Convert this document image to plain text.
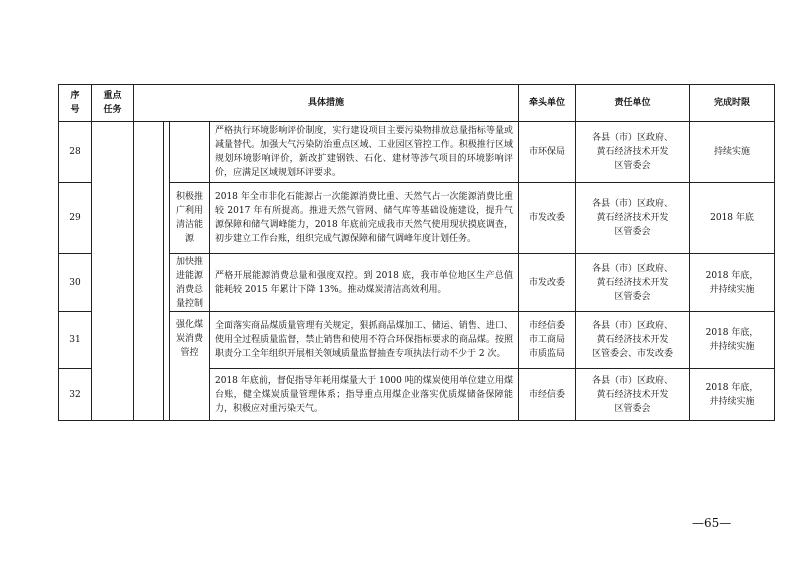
序
号	重点
任务	具体措施				牵头单位	责任单位	完成时限
28					严格执行环境影响评价制度，实行建设项目主要污染物排放总量指标等量或减量替代。加强大气污染防治重点区域、工业园区管控工作。积极推行区域规划环境影响评价，新改扩建钢铁、石化、建材等涉气项目的环境影响评价，应满足区域规划环评要求。	市环保局	各县（市）区政府、
黄石经济技术开发
区管委会	持续实施

29				积极推
广利用
清洁能
源	2018 年全市非化石能源占一次能源消费比重、天然气占一次能源消费比重较 2017 年有所提高。推进天然气管网、储气库等基础设施建设，提升气源保障和储气调峰能力，2018 年底前完成我市天然气使用现状摸底调查，初步建立工作台账，组织完成气源保障和储气调峰年度计划任务。	市发改委	各县（市）区政府、
黄石经济技术开发
区管委会	2018 年底

30				加快推
进能源
消费总
量控制	严格开展能源消费总量和强度双控。到 2018 底，我市单位地区生产总值能耗较 2015 年累计下降 13%。推动煤炭清洁高效利用。	市发改委	各县（市）区政府、
黄石经济技术开发
区管委会	2018 年底，
并持续实施

31				强化煤
炭消费
管控	全面落实商品煤质量管理有关规定，狠抓商品煤加工、储运、销售、进口、使用全过程质量监督，禁止销售和使用不符合环保指标要求的商品煤。按照职责分工全年组织开展相关领域质量监督抽查专项执法行动不少于 2 次。	市经信委
市工商局
市质监局	各县（市）区政府、
黄石经济技术开发
区管委会、市发改委	2018 年底，
并持续实施

32					2018 年底前，督促指导年耗用煤量大于 1000 吨的煤炭使用单位建立用煤台账，健全煤炭质量管理体系；指导重点用煤企业落实优质煤储备保障能力，积极应对重污染天气。	市经信委	各县（市）区政府、
黄石经济技术开发
区管委会	2018 年底，
并持续实施
—65—
